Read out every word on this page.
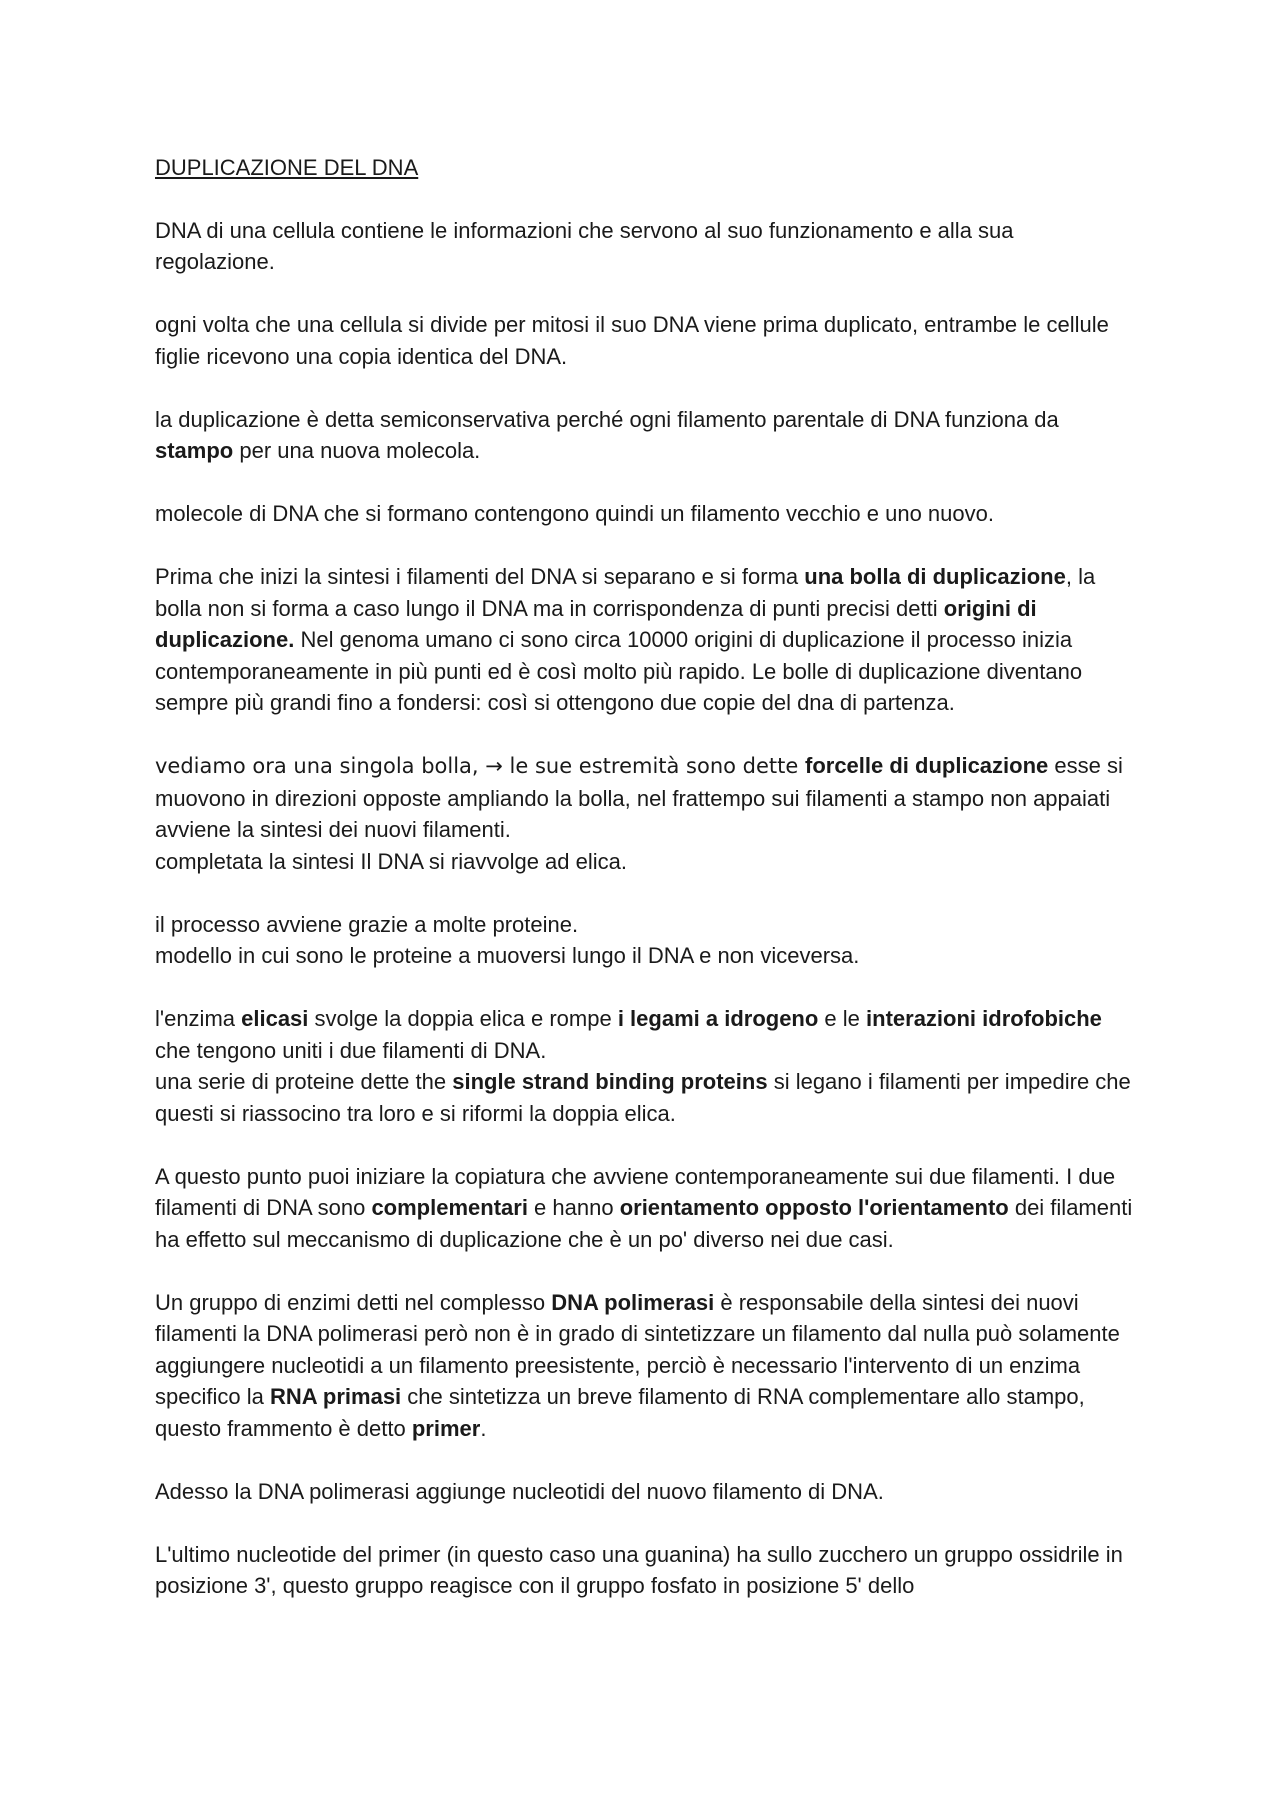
DUPLICAZIONE DEL DNA

DNA di una cellula contiene le informazioni che servono al suo funzionamento e alla sua regolazione.

ogni volta che una cellula si divide per mitosi il suo DNA viene prima duplicato, entrambe le cellule figlie ricevono una copia identica del DNA.

la duplicazione è detta semiconservativa perché ogni filamento parentale di DNA funziona da stampo per una nuova molecola.

molecole di DNA che si formano contengono quindi un filamento vecchio e uno nuovo.

Prima che inizi la sintesi i filamenti del DNA si separano e si forma una bolla di duplicazione, la bolla non si forma a caso lungo il DNA ma in corrispondenza di punti precisi detti origini di duplicazione. Nel genoma umano ci sono circa 10000 origini di duplicazione il processo inizia contemporaneamente in più punti ed è così molto più rapido. Le bolle di duplicazione diventano sempre più grandi fino a fondersi: così si ottengono due copie del dna di partenza.

vediamo ora una singola bolla, → le sue estremità sono dette forcelle di duplicazione esse si muovono in direzioni opposte ampliando la bolla, nel frattempo sui filamenti a stampo non appaiati avviene la sintesi dei nuovi filamenti.
completata la sintesi Il DNA si riavvolge ad elica.

il processo avviene grazie a molte proteine.
modello in cui sono le proteine a muoversi lungo il DNA e non viceversa.

l'enzima elicasi svolge la doppia elica e rompe i legami a idrogeno e le interazioni idrofobiche che tengono uniti i due filamenti di DNA.
una serie di proteine dette the single strand binding proteins si legano i filamenti per impedire che questi si riassocino tra loro e si riformi la doppia elica.

A questo punto puoi iniziare la copiatura che avviene contemporaneamente sui due filamenti. I due filamenti di DNA sono complementari e hanno orientamento opposto l'orientamento dei filamenti ha effetto sul meccanismo di duplicazione che è un po' diverso nei due casi.

Un gruppo di enzimi detti nel complesso DNA polimerasi è responsabile della sintesi dei nuovi filamenti la DNA polimerasi però non è in grado di sintetizzare un filamento dal nulla può solamente aggiungere nucleotidi a un filamento preesistente, perciò è necessario l'intervento di un enzima specifico la RNA primasi che sintetizza un breve filamento di RNA complementare allo stampo, questo frammento è detto primer.

Adesso la DNA polimerasi aggiunge nucleotidi del nuovo filamento di DNA.

L'ultimo nucleotide del primer (in questo caso una guanina) ha sullo zucchero un gruppo ossidrile in posizione 3', questo gruppo reagisce con il gruppo fosfato in posizione 5' dello
